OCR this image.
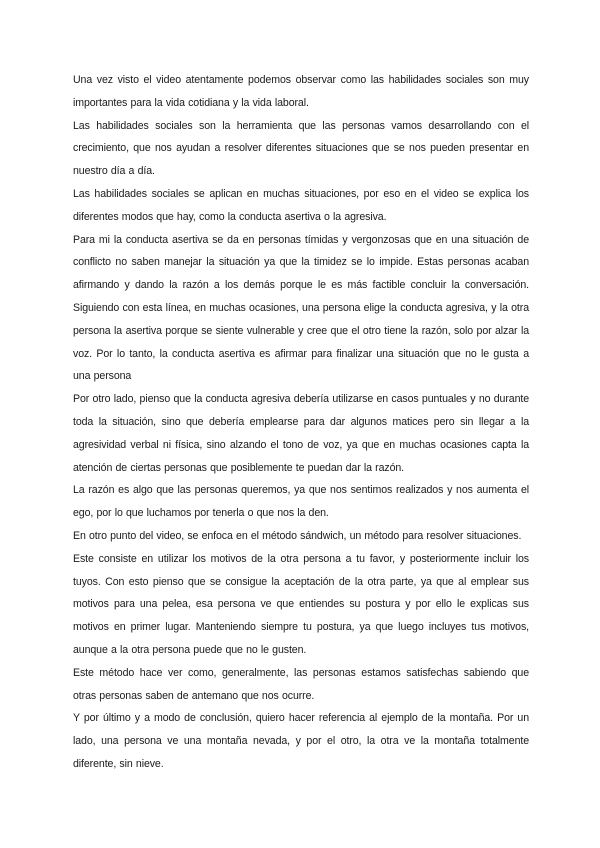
Una vez visto el video atentamente podemos observar como las habilidades sociales son muy importantes para la vida cotidiana y la vida laboral.

Las habilidades sociales son la herramienta que las personas vamos desarrollando con el crecimiento, que nos ayudan a resolver diferentes situaciones que se nos pueden presentar en nuestro día a día.

Las habilidades sociales se aplican en muchas situaciones, por eso en el video se explica los diferentes modos que hay, como la conducta asertiva o la agresiva.

Para mi la conducta asertiva se da en personas tímidas y vergonzosas que en una situación de conflicto no saben manejar la situación ya que la timidez se lo impide. Estas personas acaban afirmando y dando la razón a los demás porque le es más factible concluir la conversación. Siguiendo con esta línea, en muchas ocasiones, una persona elige la conducta agresiva, y la otra persona la asertiva porque se siente vulnerable y cree que el otro tiene la razón, solo por alzar la voz. Por lo tanto, la conducta asertiva es afirmar para finalizar una situación que no le gusta a una persona

Por otro lado, pienso que la conducta agresiva debería utilizarse en casos puntuales y no durante toda la situación, sino que debería emplearse para dar algunos matices pero sin llegar a la agresividad verbal ni física, sino alzando el tono de voz, ya que en muchas ocasiones capta la atención de ciertas personas que posiblemente te puedan dar la razón.

La razón es algo que las personas queremos, ya que nos sentimos realizados y nos aumenta el ego, por lo que luchamos por tenerla o que nos la den.

En otro punto del video, se enfoca en el método sándwich, un método para resolver situaciones.

Este consiste en utilizar los motivos de la otra persona a tu favor, y posteriormente incluir los tuyos. Con esto pienso que se consigue la aceptación de la otra parte, ya que al emplear sus motivos para una pelea, esa persona ve que entiendes su postura y por ello le explicas sus motivos en primer lugar. Manteniendo siempre tu postura, ya que luego incluyes tus motivos, aunque a la otra persona puede que no le gusten.

Este método hace ver como, generalmente, las personas estamos satisfechas sabiendo que otras personas saben de antemano que nos ocurre.

Y por último y a modo de conclusión, quiero hacer referencia al ejemplo de la montaña. Por un lado, una persona ve una montaña nevada, y por el otro, la otra ve la montaña totalmente diferente, sin nieve.
